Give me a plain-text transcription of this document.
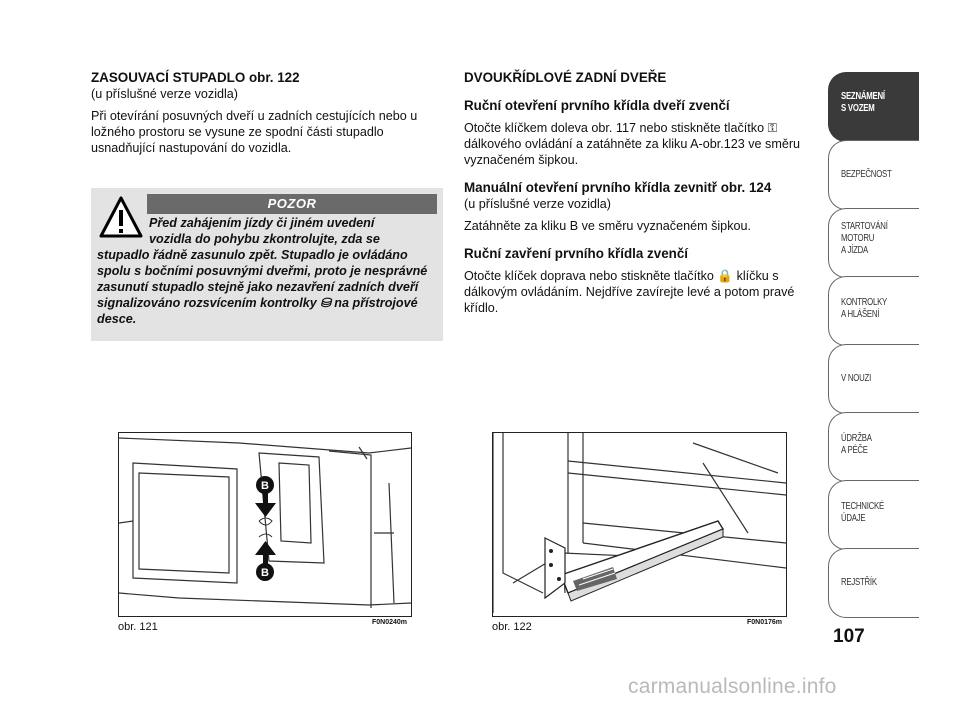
ZASOUVACÍ STUPADLO obr. 122

(u příslušné verze vozidla)

Při otevírání posuvných dveří u zadních cestujících nebo u ložného prostoru se vysune ze spodní části stupadlo usnadňující nastupování do vozidla.

POZOR
Před zahájením jízdy či jiném uvedení
vozidla do pohybu zkontrolujte, zda se
stupadlo řádně zasunulo zpět. Stupadlo je ovládáno spolu s bočními posuvnými dveřmi, proto je nesprávné zasunutí stupadlo stejně jako nezavření zadních dveří signalizováno rozsvícením kontrolky ⛁ na přístrojové desce.

DVOUKŘÍDLOVÉ ZADNÍ DVEŘE

Ruční otevření prvního křídla dveří zvenčí

Otočte klíčkem doleva obr. 117 nebo stiskněte tlačítko ⚿ dálkového ovládání a zatáhněte za kliku A-obr.123 ve směru vyznačeném šipkou.

Manuální otevření prvního křídla zevnitř obr. 124

(u příslušné verze vozidla)

Zatáhněte za kliku B ve směru vyznačeném šipkou.

Ruční zavření prvního křídla zvenčí

Otočte klíček doprava nebo stiskněte tlačítko 🔒 klíčku s dálkovým ovládáním. Nejdříve zavírejte levé a potom pravé křídlo.

B
B
obr. 121	F0N0240m	obr. 122	F0N0176m
SEZNÁMENÍ
S VOZEM
BEZPEČNOST
STARTOVÁNÍ
MOTORU
A JÍZDA
KONTROLKY
A HLÁŠENÍ
V NOUZI
ÚDRŽBA
A PÉČE
TECHNICKÉ
ÚDAJE
REJSTŘÍK
107
carmanualsonline.info
